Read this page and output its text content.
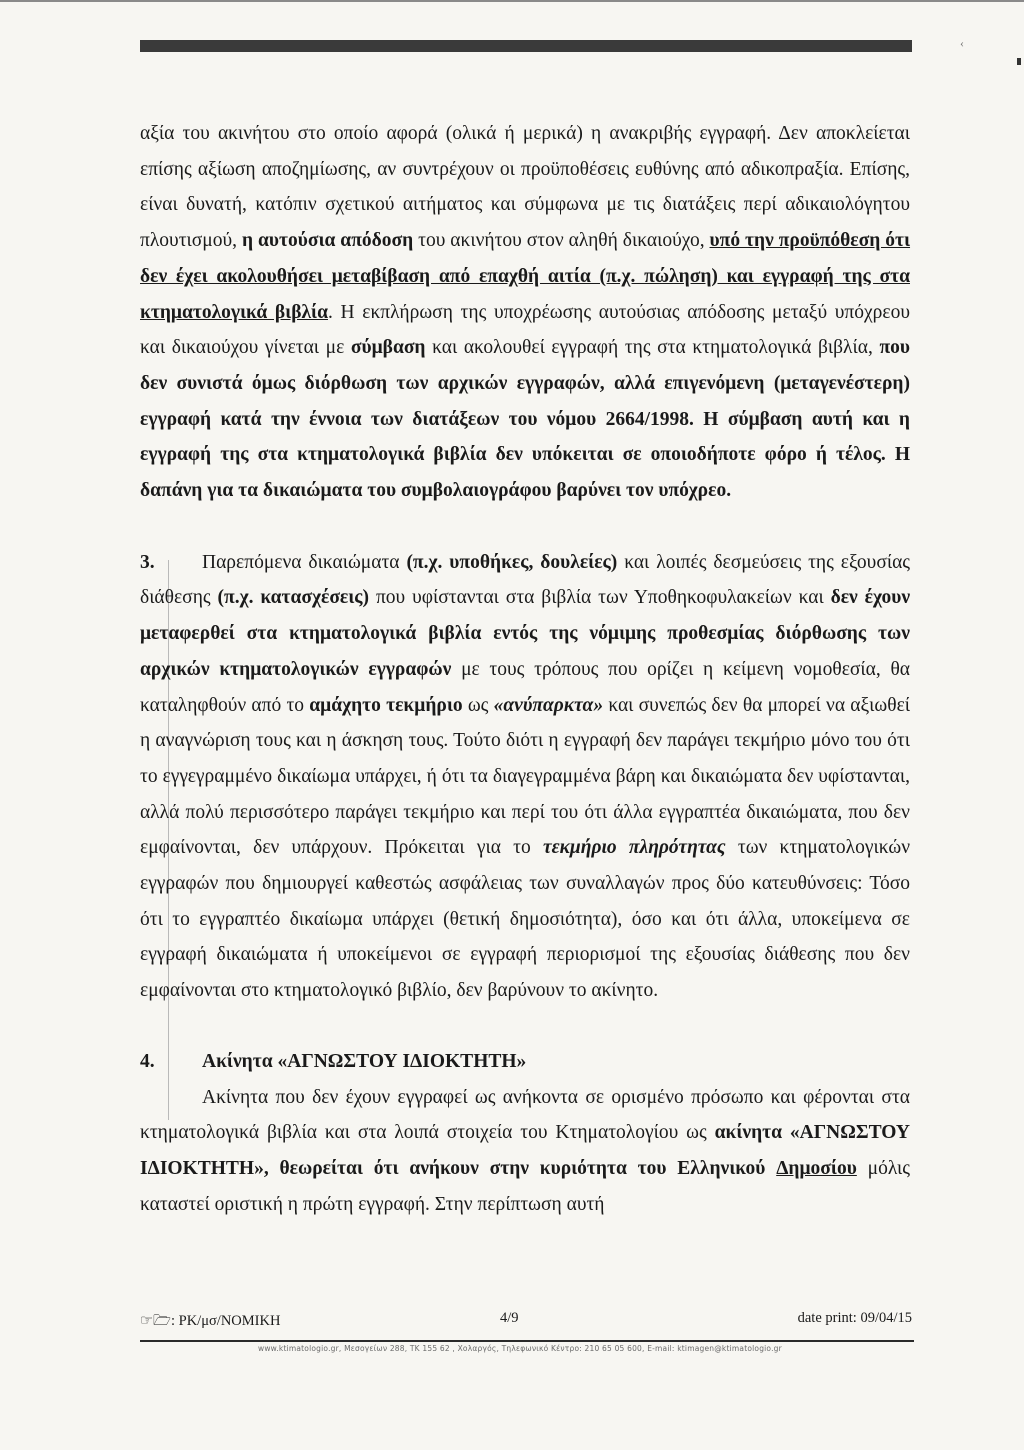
‹

αξία του ακινήτου στο οποίο αφορά (ολικά ή μερικά) η ανακριβής εγγραφή. Δεν αποκλείεται επίσης αξίωση αποζημίωσης, αν συντρέχουν οι προϋποθέσεις ευθύνης από αδικοπραξία. Επίσης, είναι δυνατή, κατόπιν σχετικού αιτήματος και σύμφωνα με τις διατάξεις περί αδικαιολόγητου πλουτισμού, η αυτούσια απόδοση του ακινήτου στον αληθή δικαιούχο, υπό την προϋπόθεση ότι δεν έχει ακολουθήσει μεταβίβαση από επαχθή αιτία (π.χ. πώληση) και εγγραφή της στα κτηματολογικά βιβλία. Η εκπλήρωση της υποχρέωσης αυτούσιας απόδοσης μεταξύ υπόχρεου και δικαιούχου γίνεται με σύμβαση και ακολουθεί εγγραφή της στα κτηματολογικά βιβλία, που δεν συνιστά όμως διόρθωση των αρχικών εγγραφών, αλλά επιγενόμενη (μεταγενέστερη) εγγραφή κατά την έννοια των διατάξεων του νόμου 2664/1998. Η σύμβαση αυτή και η εγγραφή της στα κτηματολογικά βιβλία δεν υπόκειται σε οποιοδήποτε φόρο ή τέλος. Η δαπάνη για τα δικαιώματα του συμβολαιογράφου βαρύνει τον υπόχρεο.

3. Παρεπόμενα δικαιώματα (π.χ. υποθήκες, δουλείες) και λοιπές δεσμεύσεις της εξουσίας διάθεσης (π.χ. κατασχέσεις) που υφίστανται στα βιβλία των Υποθηκοφυλακείων και δεν έχουν μεταφερθεί στα κτηματολογικά βιβλία εντός της νόμιμης προθεσμίας διόρθωσης των αρχικών κτηματολογικών εγγραφών με τους τρόπους που ορίζει η κείμενη νομοθεσία, θα καταληφθούν από το αμάχητο τεκμήριο ως «ανύπαρκτα» και συνεπώς δεν θα μπορεί να αξιωθεί η αναγνώριση τους και η άσκηση τους. Τούτο διότι η εγγραφή δεν παράγει τεκμήριο μόνο του ότι το εγγεγραμμένο δικαίωμα υπάρχει, ή ότι τα διαγεγραμμένα βάρη και δικαιώματα δεν υφίστανται, αλλά πολύ περισσότερο παράγει τεκμήριο και περί του ότι άλλα εγγραπτέα δικαιώματα, που δεν εμφαίνονται, δεν υπάρχουν. Πρόκειται για το τεκμήριο πληρότητας των κτηματολογικών εγγραφών που δημιουργεί καθεστώς ασφάλειας των συναλλαγών προς δύο κατευθύνσεις: Τόσο ότι το εγγραπτέο δικαίωμα υπάρχει (θετική δημοσιότητα), όσο και ότι άλλα, υποκείμενα σε εγγραφή δικαιώματα ή υποκείμενοι σε εγγραφή περιορισμοί της εξουσίας διάθεσης που δεν εμφαίνονται στο κτηματολογικό βιβλίο, δεν βαρύνουν το ακίνητο.

4. Ακίνητα «ΑΓΝΩΣΤΟΥ ΙΔΙΟΚΤΗΤΗ»

Ακίνητα που δεν έχουν εγγραφεί ως ανήκοντα σε ορισμένο πρόσωπο και φέρονται στα κτηματολογικά βιβλία και στα λοιπά στοιχεία του Κτηματολογίου ως ακίνητα «ΑΓΝΩΣΤΟΥ ΙΔΙΟΚΤΗΤΗ», θεωρείται ότι ανήκουν στην κυριότητα του Ελληνικού Δημοσίου μόλις καταστεί οριστική η πρώτη εγγραφή. Στην περίπτωση αυτή

☞🗁: ΡΚ/μσ/ΝΟΜΙΚΗ	4/9	date print: 09/04/15
www.ktimatologio.gr, Μεσογείων 288, ΤΚ 155 62 , Χολαργός, Τηλεφωνικό Κέντρο: 210 65 05 600, E-mail: ktimagen@ktimatologio.gr
